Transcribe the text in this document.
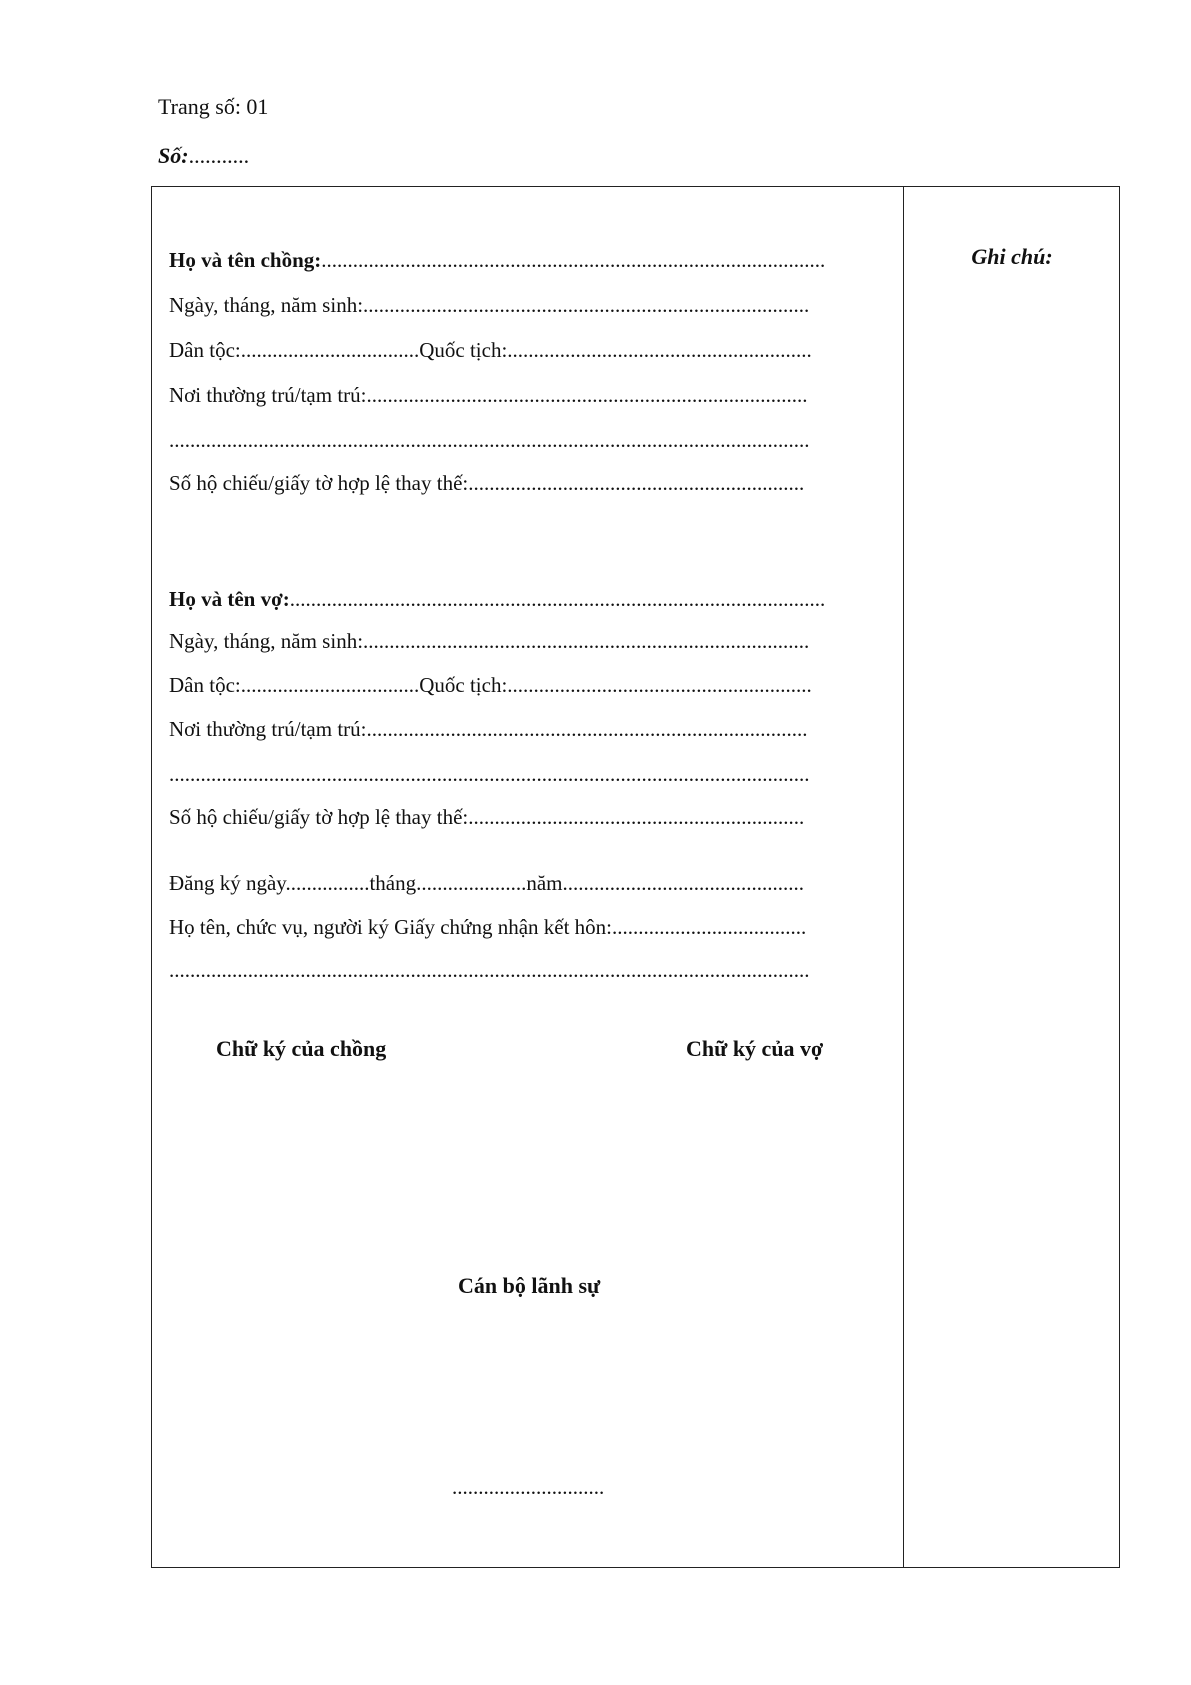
Trang số: 01
Số:...........
Ghi chú:
Họ và tên chồng:................................................................................................
Ngày, tháng, năm sinh:.....................................................................................
Dân tộc:..................................Quốc tịch:..........................................................
Nơi thường trú/tạm trú:....................................................................................
..........................................................................................................................
Số hộ chiếu/giấy tờ hợp lệ thay thế:................................................................
Họ và tên vợ:......................................................................................................
Ngày, tháng, năm sinh:.....................................................................................
Dân tộc:..................................Quốc tịch:..........................................................
Nơi thường trú/tạm trú:....................................................................................
..........................................................................................................................
Số hộ chiếu/giấy tờ hợp lệ thay thế:................................................................
Đăng ký ngày................tháng.....................năm..............................................
Họ tên, chức vụ, người ký Giấy chứng nhận kết hôn:.....................................
..........................................................................................................................
Chữ ký của chồng	Chữ ký của vợ
Cán bộ lãnh sự
.............................
